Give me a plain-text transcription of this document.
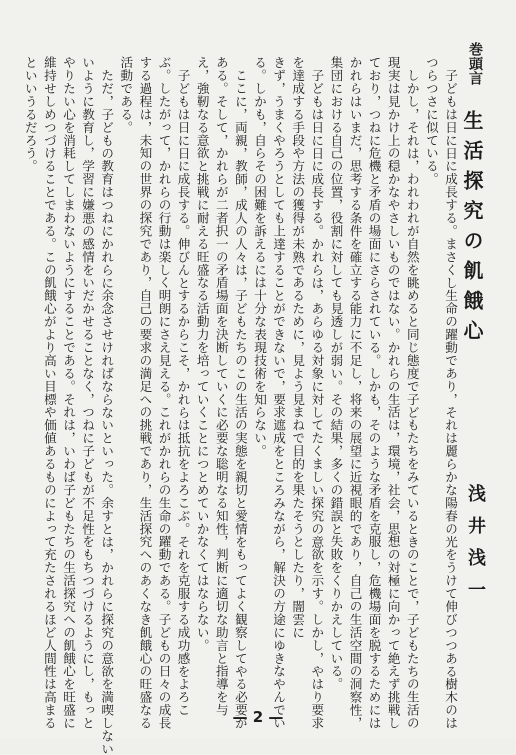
巻頭言
生活探究の飢餓心
浅井浅一
子どもは日に日に成長する。まさくし生命の躍動であり，それは麗らかな陽春の光をうけて伸びつつある樹木のは
つらつさに似ている。
しかし，それは，われわれが自然を眺めると同じ態度で子どもたちをみているときのことで，子どもたちの生活の
現実は見かけ上の穏かなやさしいものではない。かれらの生活は，環境，社会，思想の対極に向かって絶えず挑戦し
ており，つねに危機と矛盾の場面にさらされている。しかも，そのような矛盾を克服し，危機場面を脱するためには
かれらはいまだ，思考する条件を確立する能力に不足し，将来の展望に近視眼的であり，自己の生活空間の洞察性，
集団における自己の位置，役割に対しても見透しが弱い。その結果，多くの錯誤と失敗をくりかえしている。
子どもは日に日に成長する。かれらは，あらゆる対象に対してたくましい探究の意欲を示す。しかし，やはり要求
を達成する手段や方法の獲得が未熟であるために，見よう見まねで目的を果たそうとしたり，闇雲に
きず，うまくやろうとしても上達することができないで，要求遮成をところみながら，解決の方途にゆきなやんでい
る。しかも，自らその困難を訴えるには十分な表現技術を知らない。
ここに，両親，教師，成人の人々は，子どもたちのこの生活の実態を親切と愛情をもってよく観察してやる必要が
ある。そして，かれらが二者択一の矛盾場面を決断していくに必要な聡明なる知性，判断に適切な助言と指導を与
え，強靭なる意欲と挑戦に耐える旺盛なる活動力を培っていくことにつとめていかなくてはならない。
子どもは日に日に成長する。伸びんとするからこそ，かれらは抵抗をよろこぶ。それを克服する成功感をよろこ
ぶ。したがって，かれらの行動は楽しく明朗にさえ見える。これがかれらの生命の躍動である。子どもの日々の成長
する過程は，未知の世界の探究であり，自己の要求の満足への挑戦であり，生活探究へのあくなき飢餓心の旺盛なる
活動である。
ただ，子どもの教育はつねにかれらに余念させければならないといった。余すとは，かれらに探究の意欲を満喫しない
いように教育し，学習に嫌悪の感情をいだかせることなく，つねに子どもが不足性をもちつづけるようにし，もっと
やりたい心を消耗してしまわないようにすることである。それは，いわば子どもたちの生活探究への飢餓心を旺盛に
維持せしめつづけることである。この飢餓心がより高い目標や価値あるものによって充たされるほど人間性は高まる
といいうるだろう。
— 2 —
